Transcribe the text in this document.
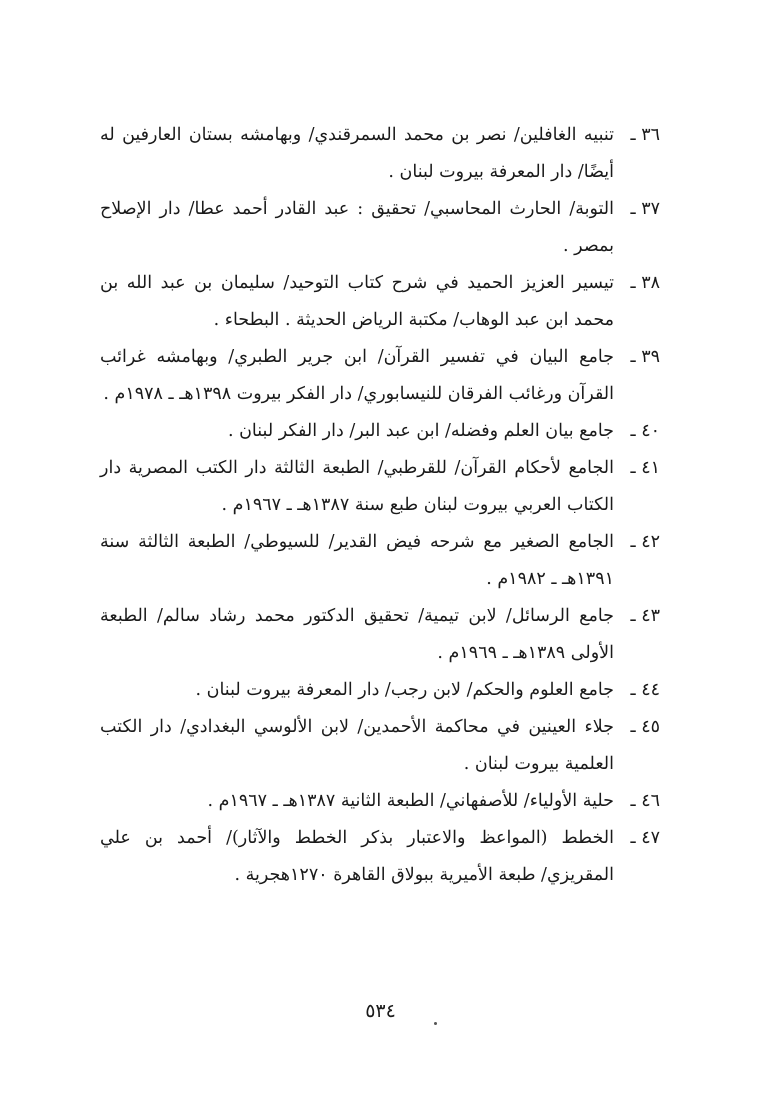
٣٦ ـ
تنبيه الغافلين/ نصر بن محمد السمرقندي/ وبهامشه بستان العارفين له أيضًا/ دار المعرفة بيروت لبنان .
٣٧ ـ
التوبة/ الحارث المحاسبي/ تحقيق : عبد القادر أحمد عطا/ دار الإصلاح بمصر .
٣٨ ـ
تيسير العزيز الحميد في شرح كتاب التوحيد/ سليمان بن عبد الله بن محمد ابن عبد الوهاب/ مكتبة الرياض الحديثة . البطحاء .
٣٩ ـ
جامع البيان في تفسير القرآن/ ابن جرير الطبري/ وبهامشه غرائب القرآن ورغائب الفرقان للنيسابوري/ دار الفكر بيروت ١٣٩٨هـ ـ ١٩٧٨م .
٤٠ ـ
جامع بيان العلم وفضله/ ابن عبد البر/ دار الفكر لبنان .
٤١ ـ
الجامع لأحكام القرآن/ للقرطبي/ الطبعة الثالثة دار الكتب المصرية دار الكتاب العربي بيروت لبنان طبع سنة ١٣٨٧هـ ـ ١٩٦٧م .
٤٢ ـ
الجامع الصغير مع شرحه فيض القدير/ للسيوطي/ الطبعة الثالثة سنة ١٣٩١هـ ـ ١٩٨٢م .
٤٣ ـ
جامع الرسائل/ لابن تيمية/ تحقيق الدكتور محمد رشاد سالم/ الطبعة الأولى ١٣٨٩هـ ـ ١٩٦٩م .
٤٤ ـ
جامع العلوم والحكم/ لابن رجب/ دار المعرفة بيروت لبنان .
٤٥ ـ
جلاء العينين في محاكمة الأحمدين/ لابن الألوسي البغدادي/ دار الكتب العلمية بيروت لبنان .
٤٦ ـ
حلية الأولياء/ للأصفهاني/ الطبعة الثانية ١٣٨٧هـ ـ ١٩٦٧م .
٤٧ ـ
الخطط (المواعظ والاعتبار بذكر الخطط والآثار)/ أحمد بن علي المقريزي/ طبعة الأميرية ببولاق القاهرة ١٢٧٠هجرية .
٥٣٤
